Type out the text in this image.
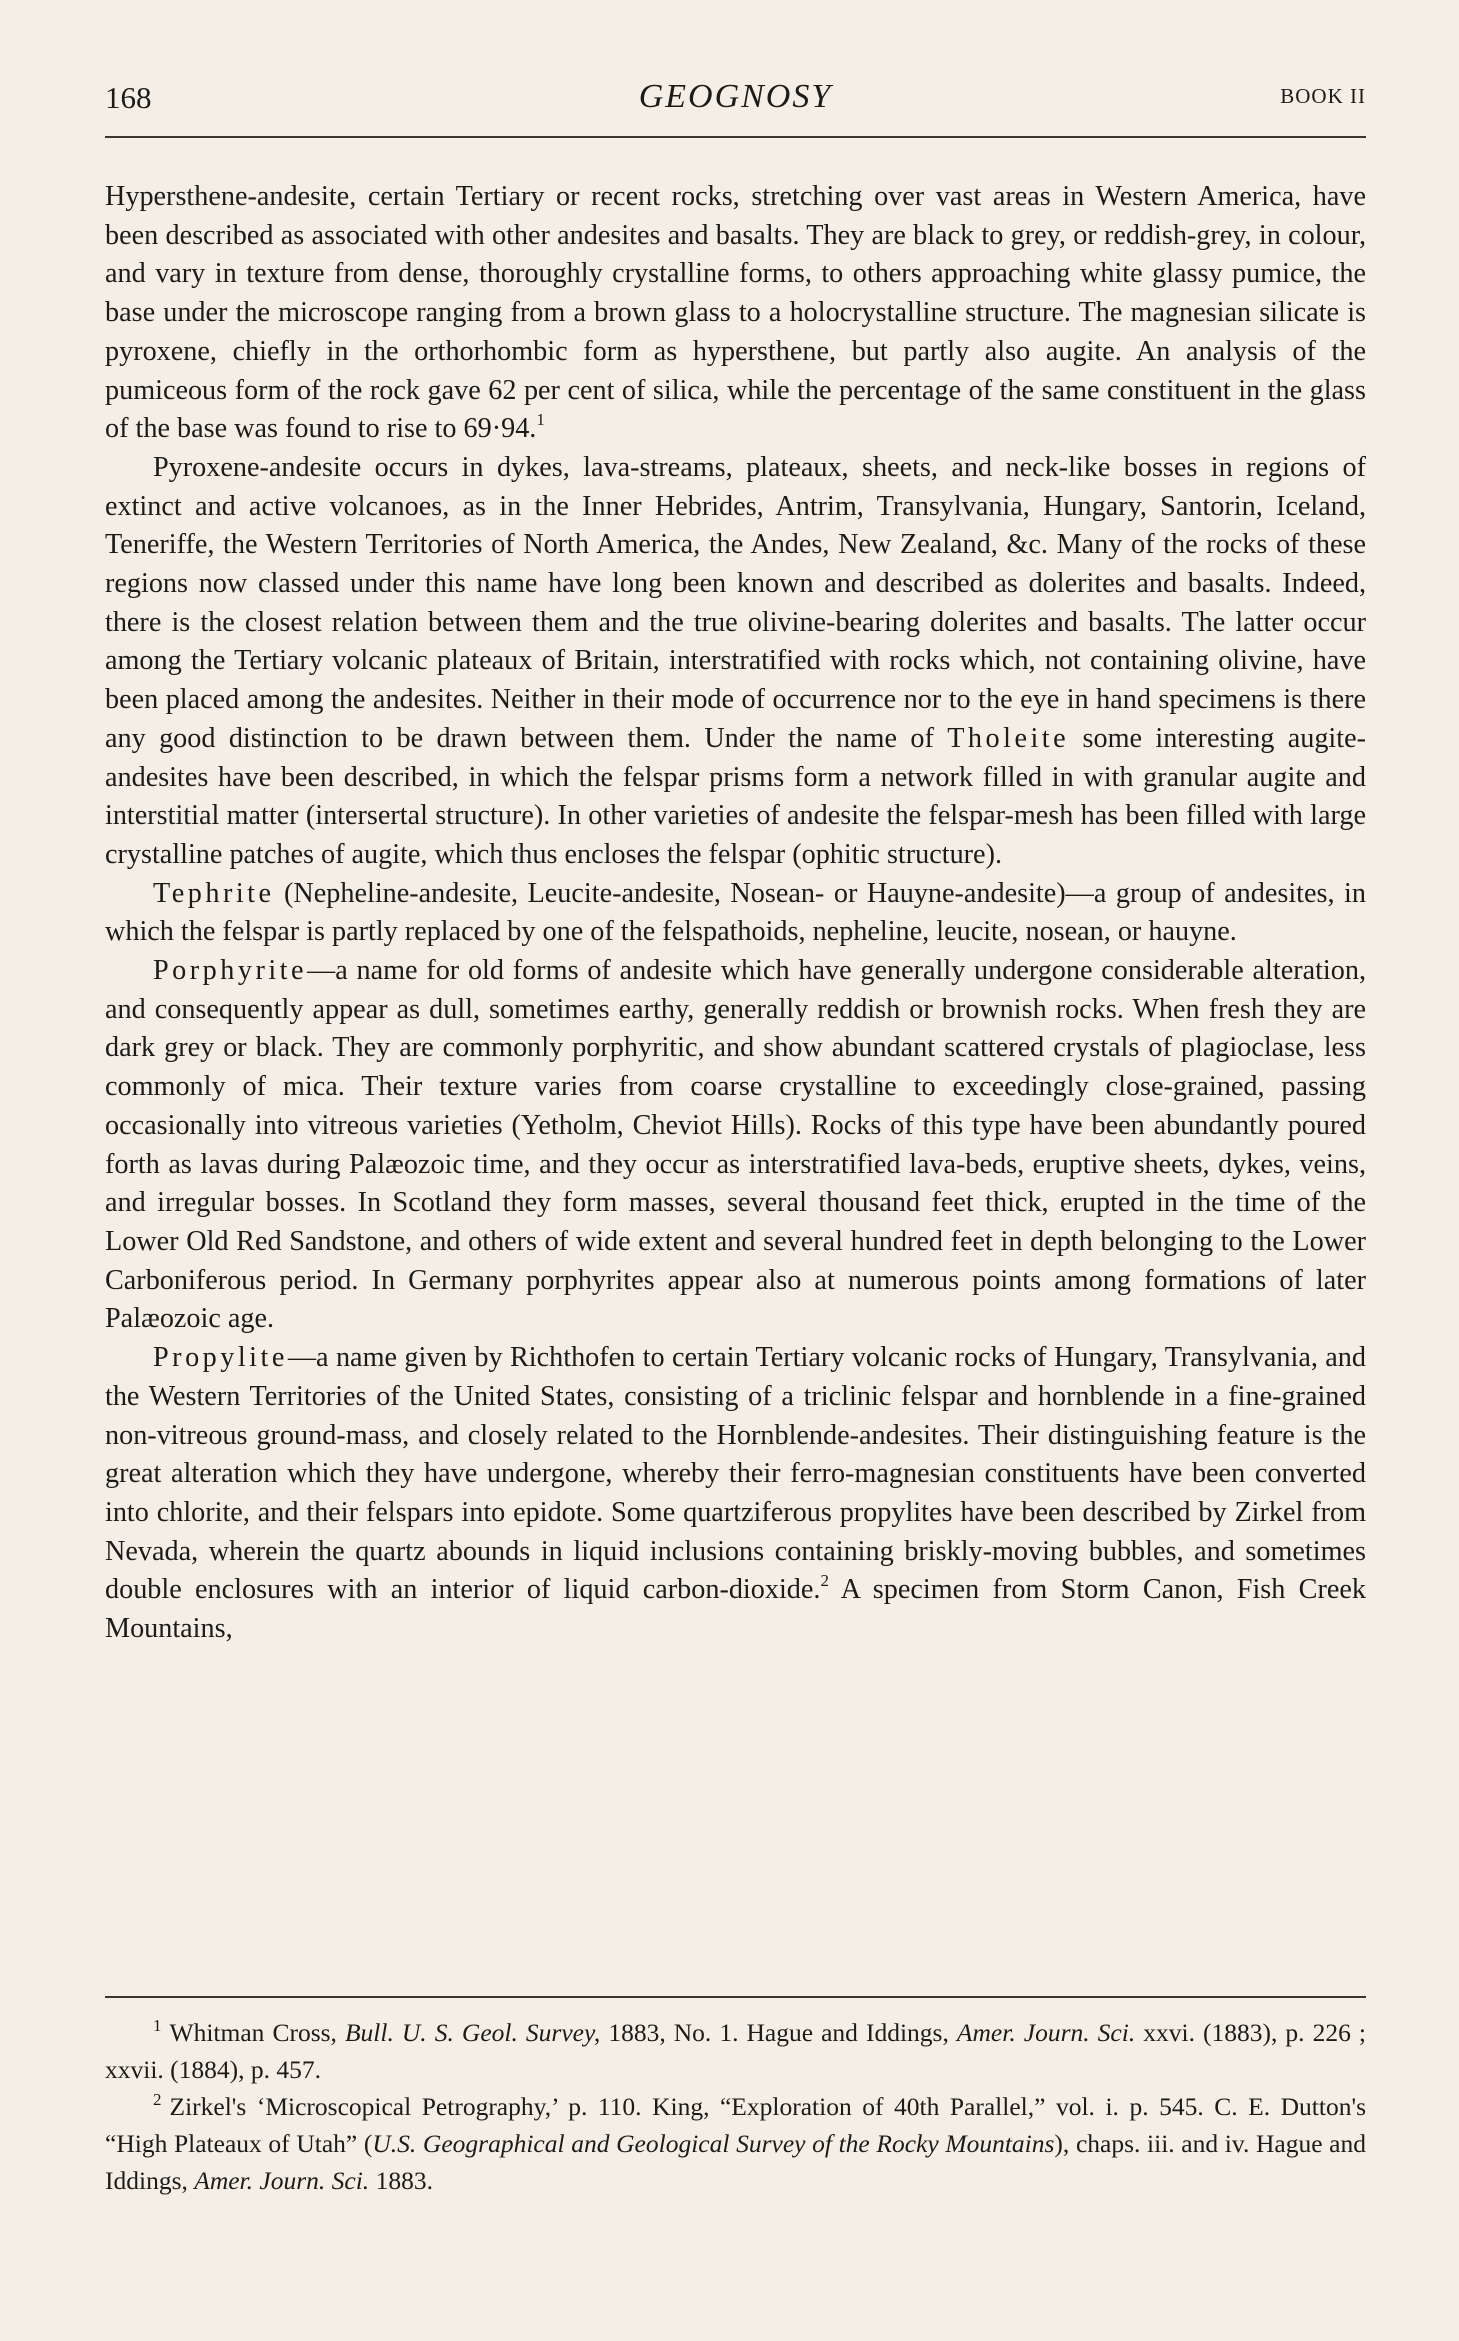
168	GEOGNOSY	BOOK II

Hypersthene-andesite, certain Tertiary or recent rocks, stretching over vast areas in Western America, have been described as associated with other andesites and basalts. They are black to grey, or reddish-grey, in colour, and vary in texture from dense, thoroughly crystalline forms, to others approaching white glassy pumice, the base under the microscope ranging from a brown glass to a holocrystalline structure. The magnesian silicate is pyroxene, chiefly in the orthorhombic form as hypersthene, but partly also augite. An analysis of the pumiceous form of the rock gave 62 per cent of silica, while the percentage of the same constituent in the glass of the base was found to rise to 69·94.$^1$

Pyroxene-andesite occurs in dykes, lava-streams, plateaux, sheets, and neck-like bosses in regions of extinct and active volcanoes, as in the Inner Hebrides, Antrim, Transylvania, Hungary, Santorin, Iceland, Teneriffe, the Western Territories of North America, the Andes, New Zealand, &c. Many of the rocks of these regions now classed under this name have long been known and described as dolerites and basalts. Indeed, there is the closest relation between them and the true olivine-bearing dolerites and basalts. The latter occur among the Tertiary volcanic plateaux of Britain, interstratified with rocks which, not containing olivine, have been placed among the andesites. Neither in their mode of occurrence nor to the eye in hand specimens is there any good distinction to be drawn between them. Under the name of Tholeite some interesting augite-andesites have been described, in which the felspar prisms form a network filled in with granular augite and interstitial matter (intersertal structure). In other varieties of andesite the felspar-mesh has been filled with large crystalline patches of augite, which thus encloses the felspar (ophitic structure).

Tephrite (Nepheline-andesite, Leucite-andesite, Nosean- or Hauyne-andesite)—a group of andesites, in which the felspar is partly replaced by one of the felspathoids, nepheline, leucite, nosean, or hauyne.

Porphyrite—a name for old forms of andesite which have generally undergone considerable alteration, and consequently appear as dull, sometimes earthy, generally reddish or brownish rocks. When fresh they are dark grey or black. They are commonly porphyritic, and show abundant scattered crystals of plagioclase, less commonly of mica. Their texture varies from coarse crystalline to exceedingly close-grained, passing occasionally into vitreous varieties (Yetholm, Cheviot Hills). Rocks of this type have been abundantly poured forth as lavas during Palæozoic time, and they occur as interstratified lava-beds, eruptive sheets, dykes, veins, and irregular bosses. In Scotland they form masses, several thousand feet thick, erupted in the time of the Lower Old Red Sandstone, and others of wide extent and several hundred feet in depth belonging to the Lower Carboniferous period. In Germany porphyrites appear also at numerous points among formations of later Palæozoic age.

Propylite—a name given by Richthofen to certain Tertiary volcanic rocks of Hungary, Transylvania, and the Western Territories of the United States, consisting of a triclinic felspar and hornblende in a fine-grained non-vitreous ground-mass, and closely related to the Hornblende-andesites. Their distinguishing feature is the great alteration which they have undergone, whereby their ferro-magnesian constituents have been converted into chlorite, and their felspars into epidote. Some quartziferous propylites have been described by Zirkel from Nevada, wherein the quartz abounds in liquid inclusions containing briskly-moving bubbles, and sometimes double enclosures with an interior of liquid carbon-dioxide.$^2$ A specimen from Storm Canon, Fish Creek Mountains,

$^1$ Whitman Cross, Bull. U. S. Geol. Survey, 1883, No. 1. Hague and Iddings, Amer. Journ. Sci. xxvi. (1883), p. 226 ; xxvii. (1884), p. 457.

$^2$ Zirkel's ‘Microscopical Petrography,’ p. 110. King, “Exploration of 40th Parallel,” vol. i. p. 545. C. E. Dutton's “High Plateaux of Utah” (U.S. Geographical and Geological Survey of the Rocky Mountains), chaps. iii. and iv. Hague and Iddings, Amer. Journ. Sci. 1883.
